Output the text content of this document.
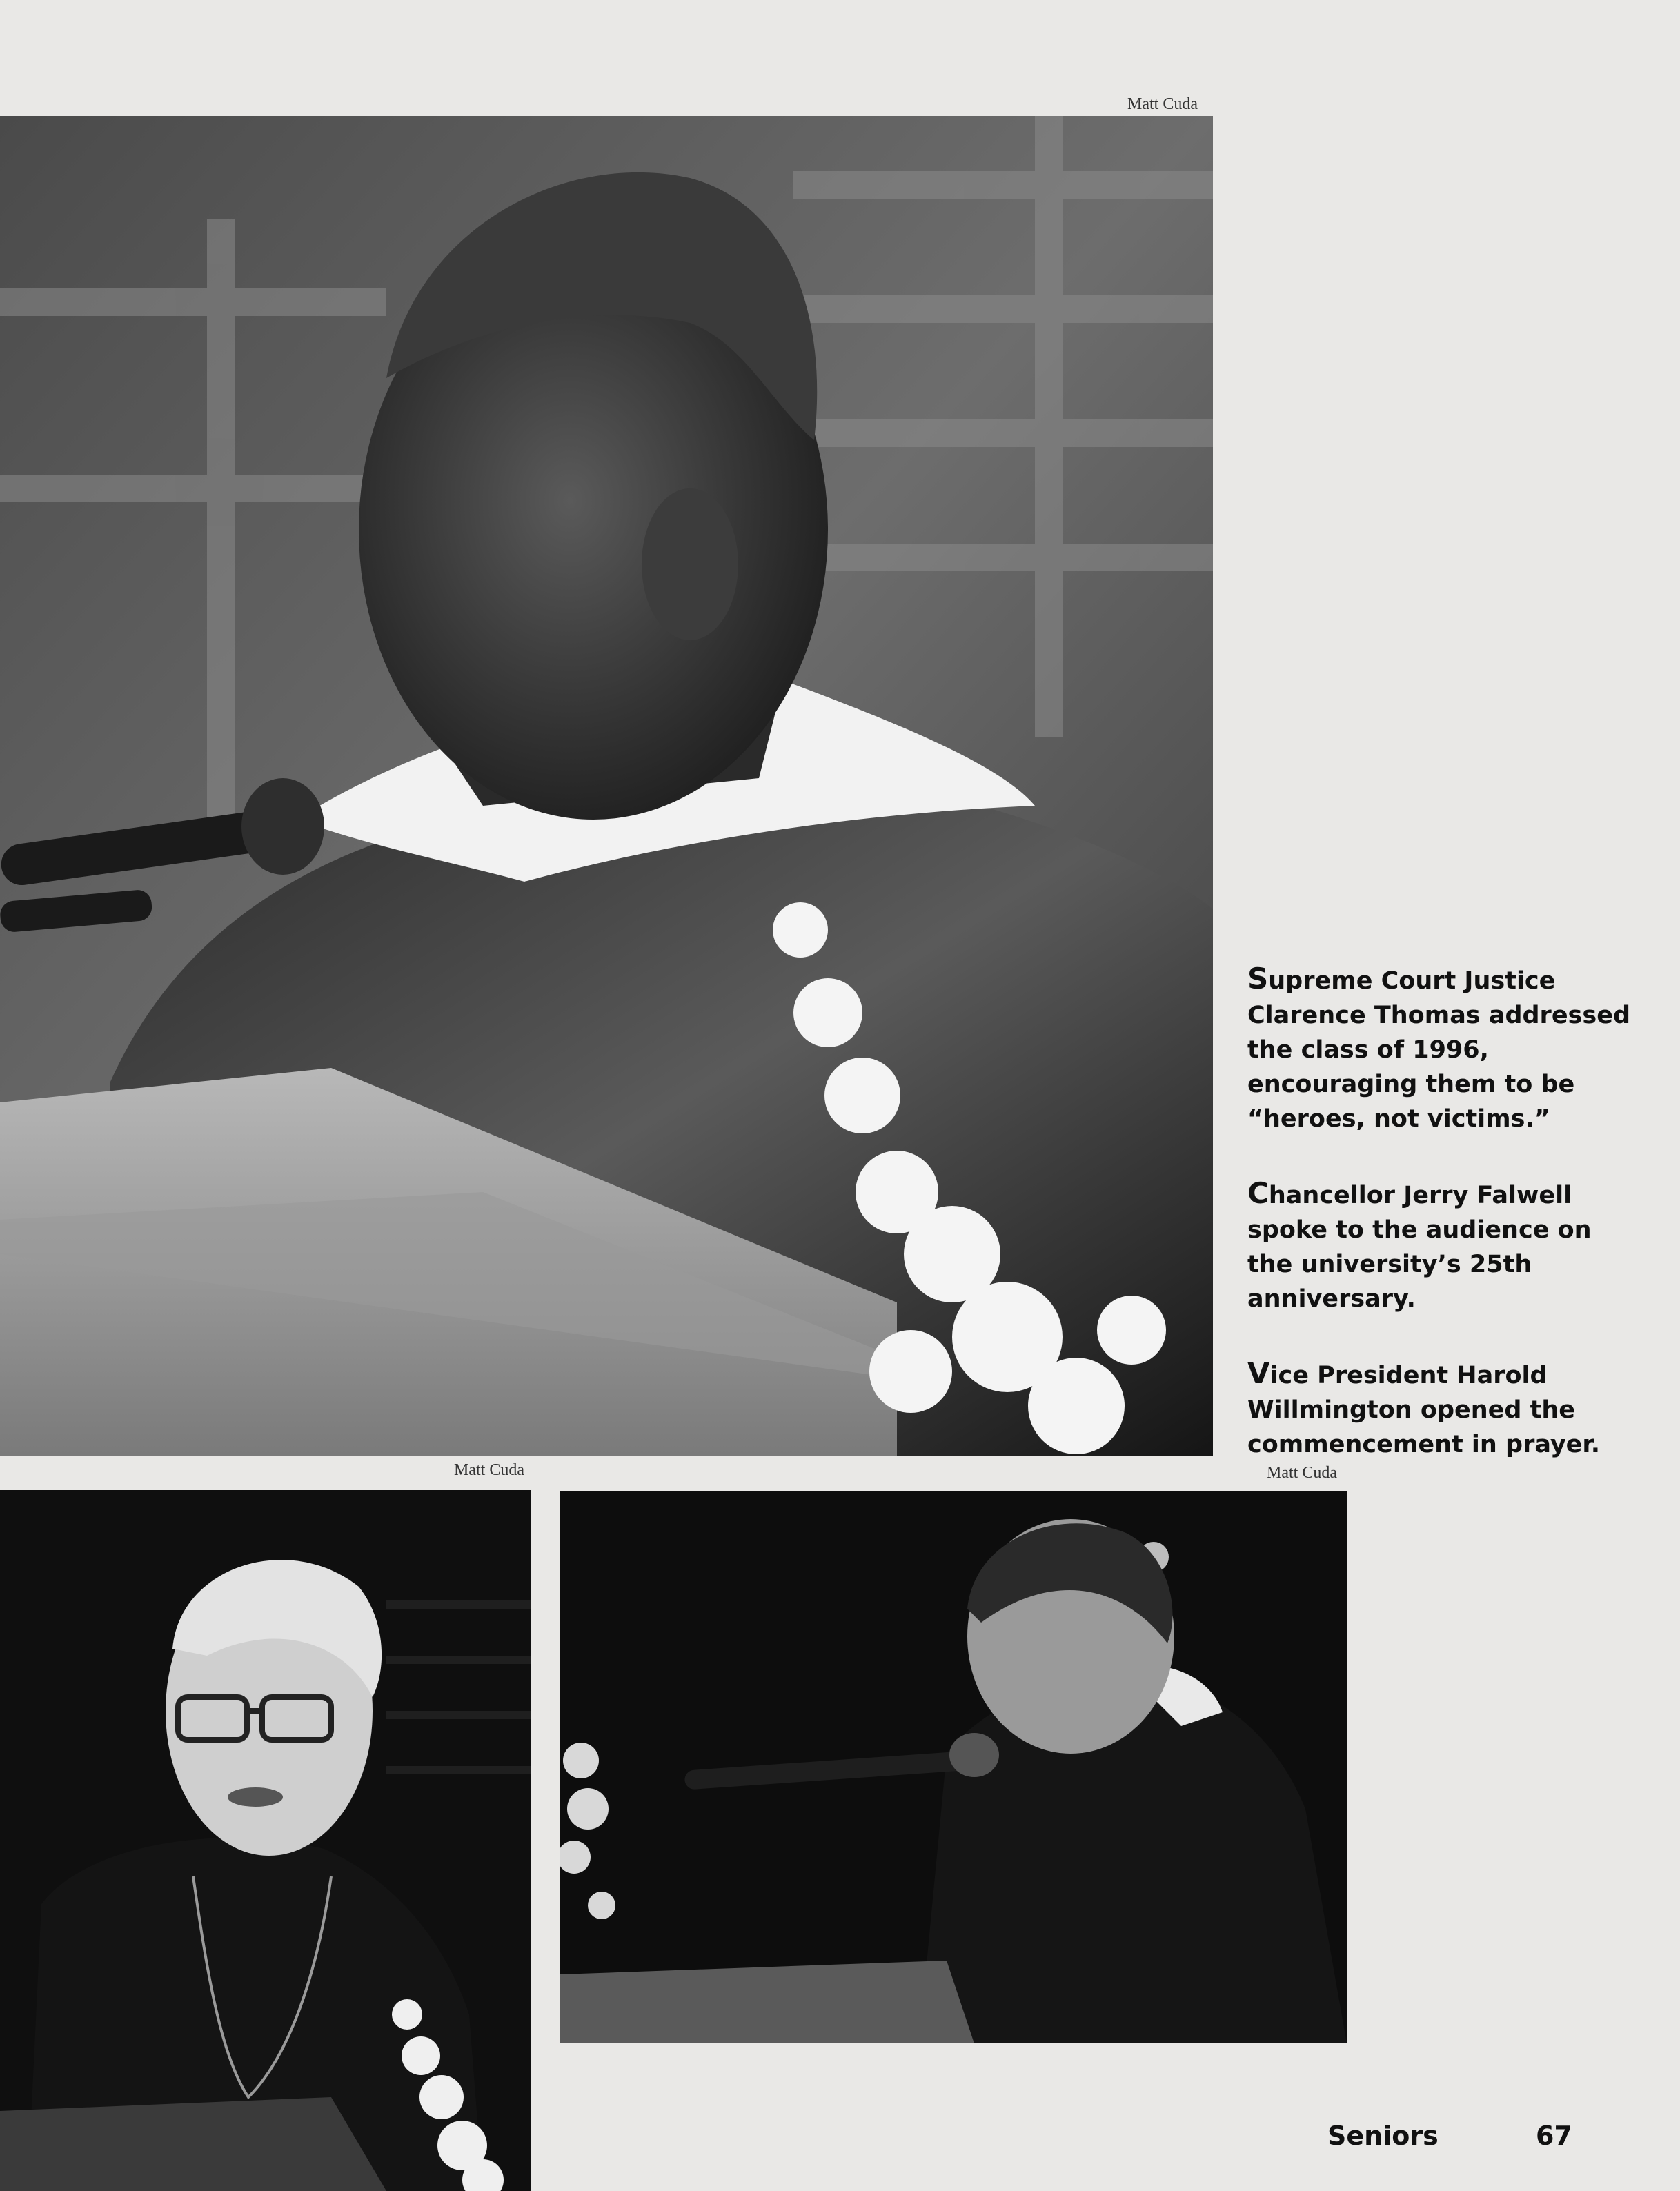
Matt Cuda

Supreme Court Justice Clarence Thomas addressed the class of 1996, encouraging them to be “heroes, not victims.”

Chancellor Jerry Falwell spoke to the audience on the university’s 25th anniversary.

Vice President Harold Willmington opened the commencement in prayer.

Matt Cuda	Matt Cuda
Seniors	67
